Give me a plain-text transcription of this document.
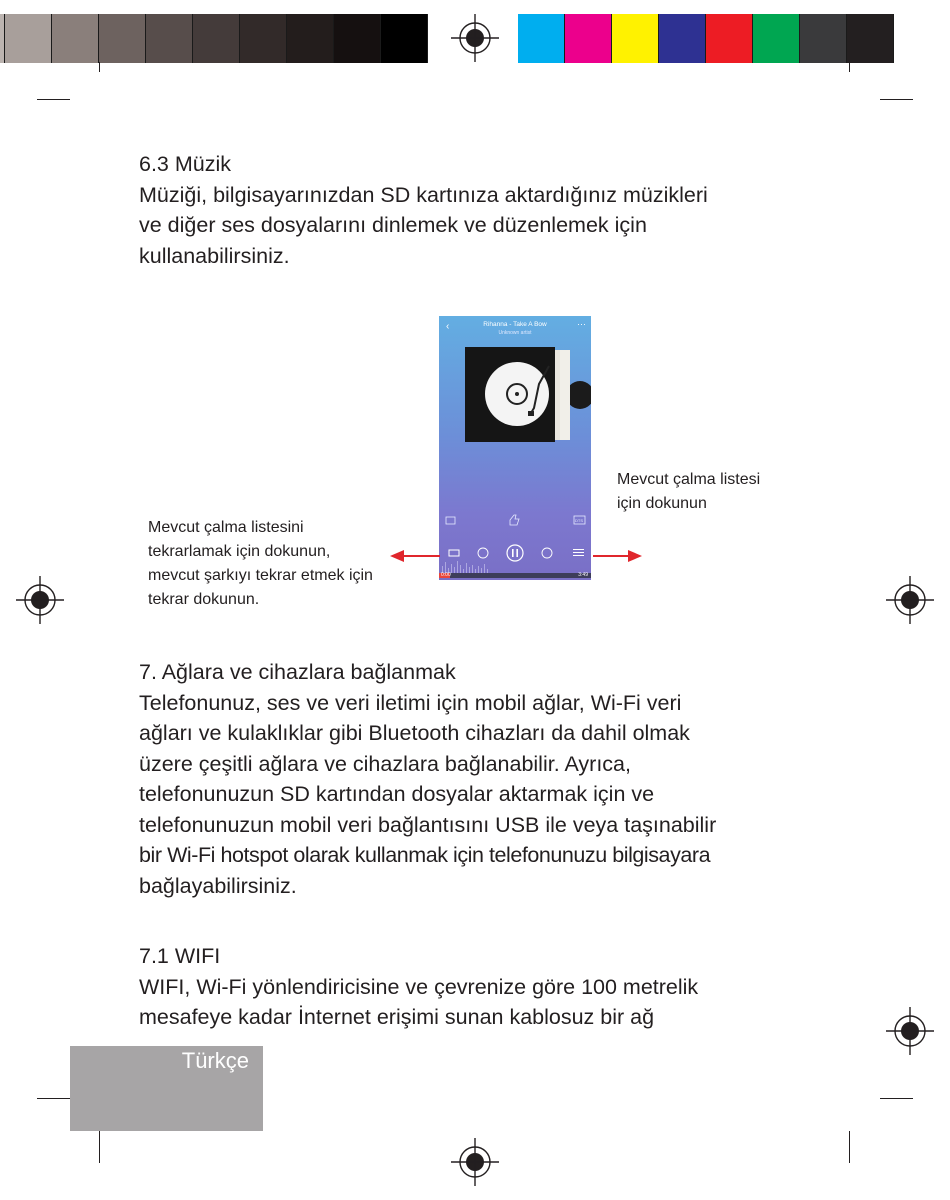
6.3 Müzik
Müziği, bilgisayarınızdan SD kartınıza aktardığınız müzikleri
ve diğer ses dosyalarını dinlemek ve düzenlemek için
kullanabilirsiniz.
‹	···
Rihanna - Take A Bow
Unknown artist
DTS
0:00	3:49
Mevcut çalma listesi
için dokunun
Mevcut çalma listesini
tekrarlamak için dokunun,
mevcut şarkıyı tekrar etmek için
tekrar dokunun.
7. Ağlara ve cihazlara bağlanmak
Telefonunuz, ses ve veri iletimi için mobil ağlar, Wi-Fi veri
ağları ve kulaklıklar gibi Bluetooth cihazları da dahil olmak
üzere çeşitli ağlara ve cihazlara bağlanabilir. Ayrıca,
telefonunuzun SD kartından dosyalar aktarmak için ve
telefonunuzun mobil veri bağlantısını USB ile veya taşınabilir
bir Wi-Fi hotspot olarak kullanmak için telefonunuzu bilgisayara
bağlayabilirsiniz.
7.1 WIFI
WIFI, Wi-Fi yönlendiricisine ve çevrenize göre 100 metrelik
mesafeye kadar İnternet erişimi sunan kablosuz bir ağ
Türkçe
